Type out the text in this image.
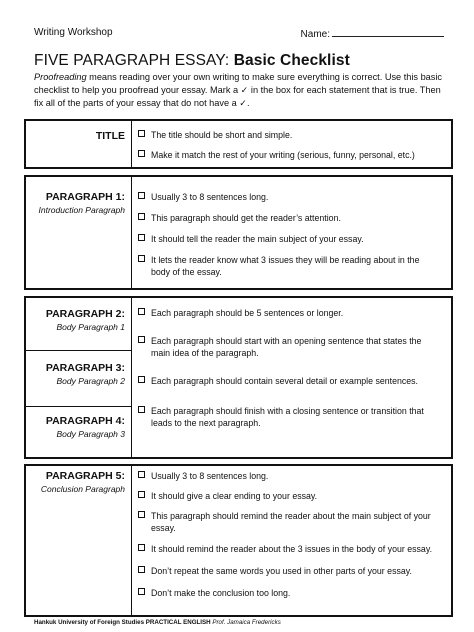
Writing Workshop	Name:
FIVE PARAGRAPH ESSAY: Basic Checklist
Proofreading means reading over your own writing to make sure everything is correct. Use this basic checklist to help you proofread your essay. Mark a ✓ in the box for each statement that is true. Then fix all of the parts of your essay that do not have a ✓.
TITLE	The title should be short and simple.
Make it match the rest of your writing (serious, funny, personal, etc.)
PARAGRAPH 1:
Introduction Paragraph
Usually 3 to 8 sentences long.
This paragraph should get the reader’s attention.
It should tell the reader the main subject of your essay.
It lets the reader know what 3 issues they will be reading about in the body of the essay.
PARAGRAPH 2:
Body Paragraph 1
PARAGRAPH 3:
Body Paragraph 2
PARAGRAPH 4:
Body Paragraph 3
Each paragraph should be 5 sentences or longer.
Each paragraph should start with an opening sentence that states the main idea of the paragraph.
Each paragraph should contain several detail or example sentences.
Each paragraph should finish with a closing sentence or transition that leads to the next paragraph.
PARAGRAPH 5:
Conclusion Paragraph
Usually 3 to 8 sentences long.
It should give a clear ending to your essay.
This paragraph should remind the reader about the main subject of your essay.
It should remind the reader about the 3 issues in the body of your essay.
Don’t repeat the same words you used in other parts of your essay.
Don’t make the conclusion too long.
Hankuk University of Foreign Studies PRACTICAL ENGLISH Prof. Jamaica Fredericks
